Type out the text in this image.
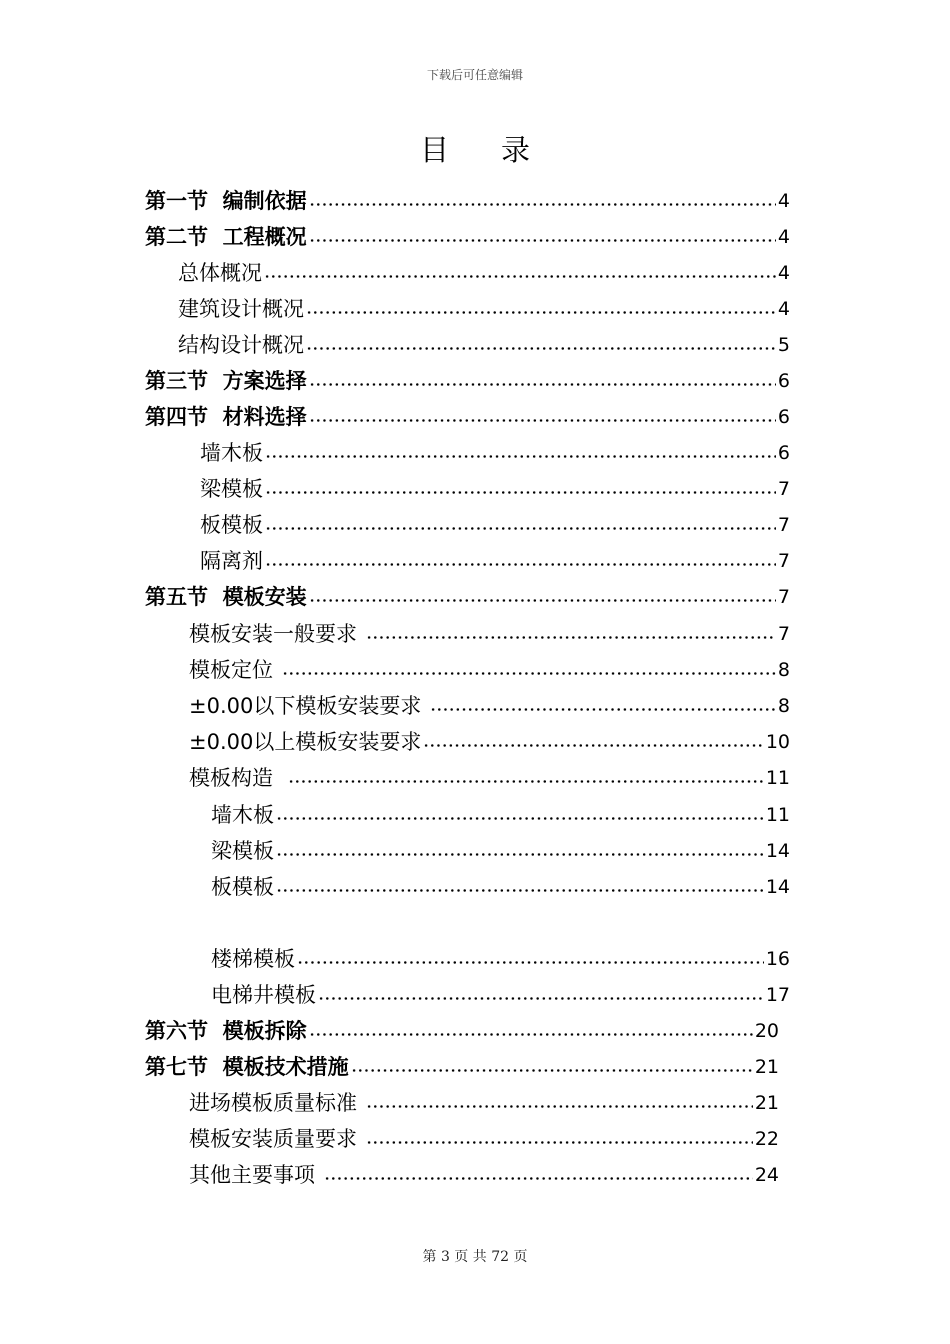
下载后可任意编辑
目录
第一节  编制依据	4
第二节  工程概况	4
总体概况	4
建筑设计概况	4
结构设计概况	5
第三节  方案选择	6
第四节  材料选择	6
墙木板	6
梁模板	7
板模板	7
隔离剂	7
第五节  模板安装	7
模板安装一般要求	7
模板定位	8
±0.00以下模板安装要求	8
±0.00以上模板安装要求	10
模板构造	11
墙木板	11
梁模板	14
板模板	14
楼梯模板	16
电梯井模板	17
第六节  模板拆除	20
第七节  模板技术措施	21
进场模板质量标准	21
模板安装质量要求	22
其他主要事项	24
第 3 页 共 72 页
